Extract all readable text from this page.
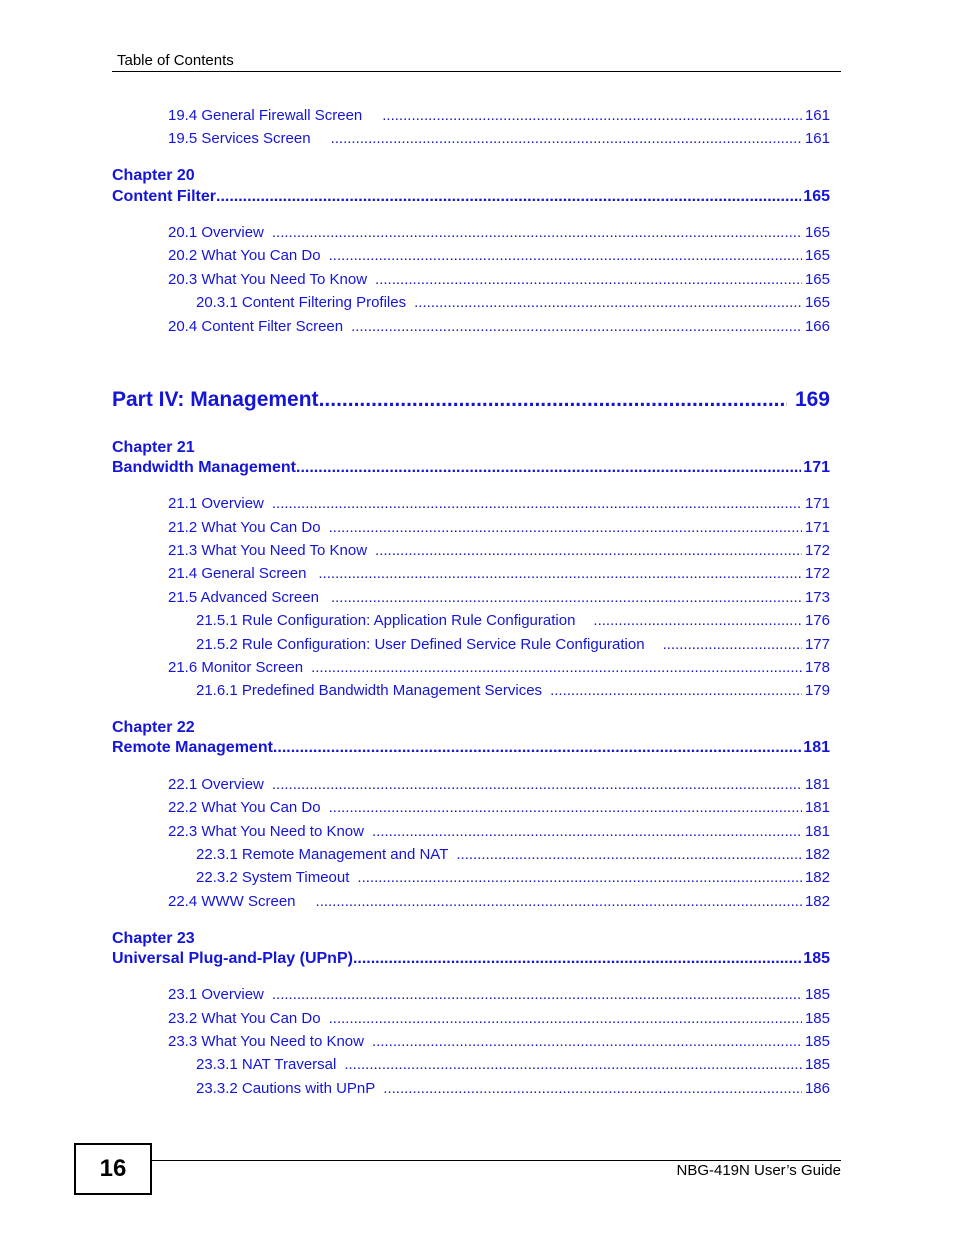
Table of Contents
19.4 General Firewall Screen .....	161
19.5 Services Screen .....	161
Chapter 20
Content Filter .....	165
20.1 Overview .....	165
20.2 What You Can Do .....	165
20.3 What You Need To Know .....	165
20.3.1 Content Filtering Profiles .....	165
20.4 Content Filter Screen .....	166
Part IV: Management .....	169
Chapter 21
Bandwidth Management .....	171
21.1 Overview .....	171
21.2 What You Can Do .....	171
21.3 What You Need To Know .....	172
21.4 General Screen .....	172
21.5 Advanced Screen .....	173
21.5.1 Rule Configuration: Application Rule Configuration .....	176
21.5.2 Rule Configuration: User Defined Service Rule Configuration .....	177
21.6 Monitor Screen .....	178
21.6.1 Predefined Bandwidth Management Services .....	179
Chapter 22
Remote Management .....	181
22.1 Overview .....	181
22.2 What You Can Do .....	181
22.3 What You Need to Know .....	181
22.3.1 Remote Management and NAT .....	182
22.3.2 System Timeout .....	182
22.4 WWW Screen .....	182
Chapter 23
Universal Plug-and-Play (UPnP) .....	185
23.1 Overview .....	185
23.2 What You Can Do .....	185
23.3 What You Need to Know .....	185
23.3.1 NAT Traversal .....	185
23.3.2 Cautions with UPnP .....	186
16	NBG-419N User’s Guide
